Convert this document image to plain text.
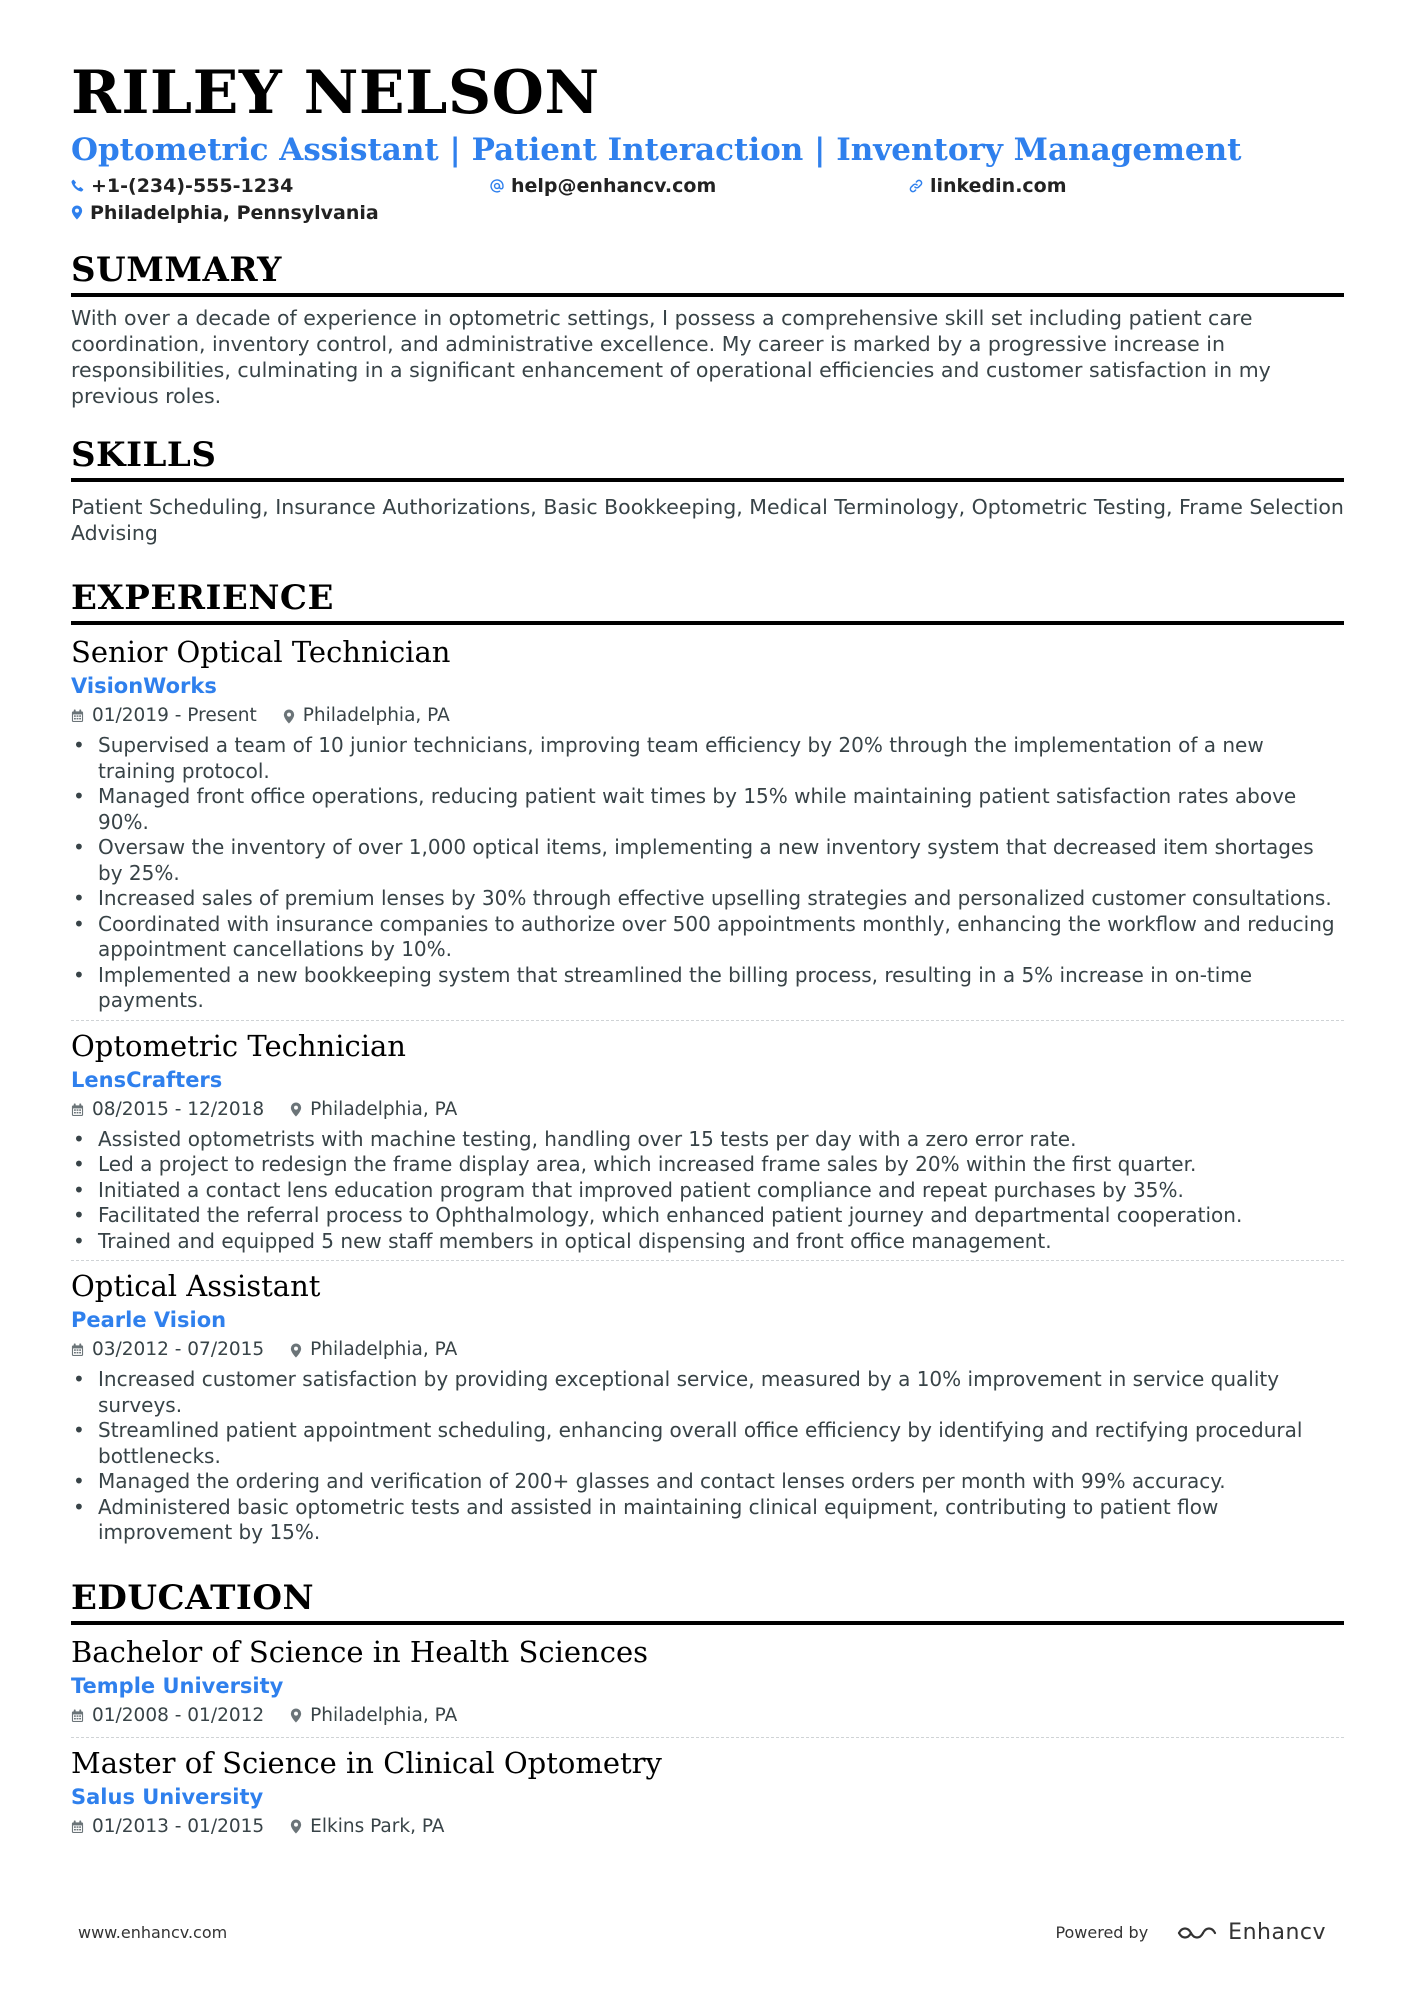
RILEY NELSON
Optometric Assistant | Patient Interaction | Inventory Management
+1-(234)-555-1234	help@enhancv.com	linkedin.com
Philadelphia, Pennsylvania
SUMMARY
With over a decade of experience in optometric settings, I possess a comprehensive skill set including patient care coordination, inventory control, and administrative excellence. My career is marked by a progressive increase in responsibilities, culminating in a significant enhancement of operational efficiencies and customer satisfaction in my previous roles.
SKILLS
Patient Scheduling, Insurance Authorizations, Basic Bookkeeping, Medical Terminology, Optometric Testing, Frame Selection Advising
EXPERIENCE
Senior Optical Technician
VisionWorks
01/2019 - Present Philadelphia, PA
• Supervised a team of 10 junior technicians, improving team efficiency by 20% through the implementation of a new training protocol.
• Managed front office operations, reducing patient wait times by 15% while maintaining patient satisfaction rates above 90%.
• Oversaw the inventory of over 1,000 optical items, implementing a new inventory system that decreased item shortages by 25%.
• Increased sales of premium lenses by 30% through effective upselling strategies and personalized customer consultations.
• Coordinated with insurance companies to authorize over 500 appointments monthly, enhancing the workflow and reducing appointment cancellations by 10%.
• Implemented a new bookkeeping system that streamlined the billing process, resulting in a 5% increase in on-time payments.
Optometric Technician
LensCrafters
08/2015 - 12/2018 Philadelphia, PA
• Assisted optometrists with machine testing, handling over 15 tests per day with a zero error rate.
• Led a project to redesign the frame display area, which increased frame sales by 20% within the first quarter.
• Initiated a contact lens education program that improved patient compliance and repeat purchases by 35%.
• Facilitated the referral process to Ophthalmology, which enhanced patient journey and departmental cooperation.
• Trained and equipped 5 new staff members in optical dispensing and front office management.
Optical Assistant
Pearle Vision
03/2012 - 07/2015 Philadelphia, PA
• Increased customer satisfaction by providing exceptional service, measured by a 10% improvement in service quality surveys.
• Streamlined patient appointment scheduling, enhancing overall office efficiency by identifying and rectifying procedural bottlenecks.
• Managed the ordering and verification of 200+ glasses and contact lenses orders per month with 99% accuracy.
• Administered basic optometric tests and assisted in maintaining clinical equipment, contributing to patient flow improvement by 15%.
EDUCATION
Bachelor of Science in Health Sciences
Temple University
01/2008 - 01/2012 Philadelphia, PA
Master of Science in Clinical Optometry
Salus University
01/2013 - 01/2015 Elkins Park, PA
www.enhancv.com	Powered by	Enhancv
